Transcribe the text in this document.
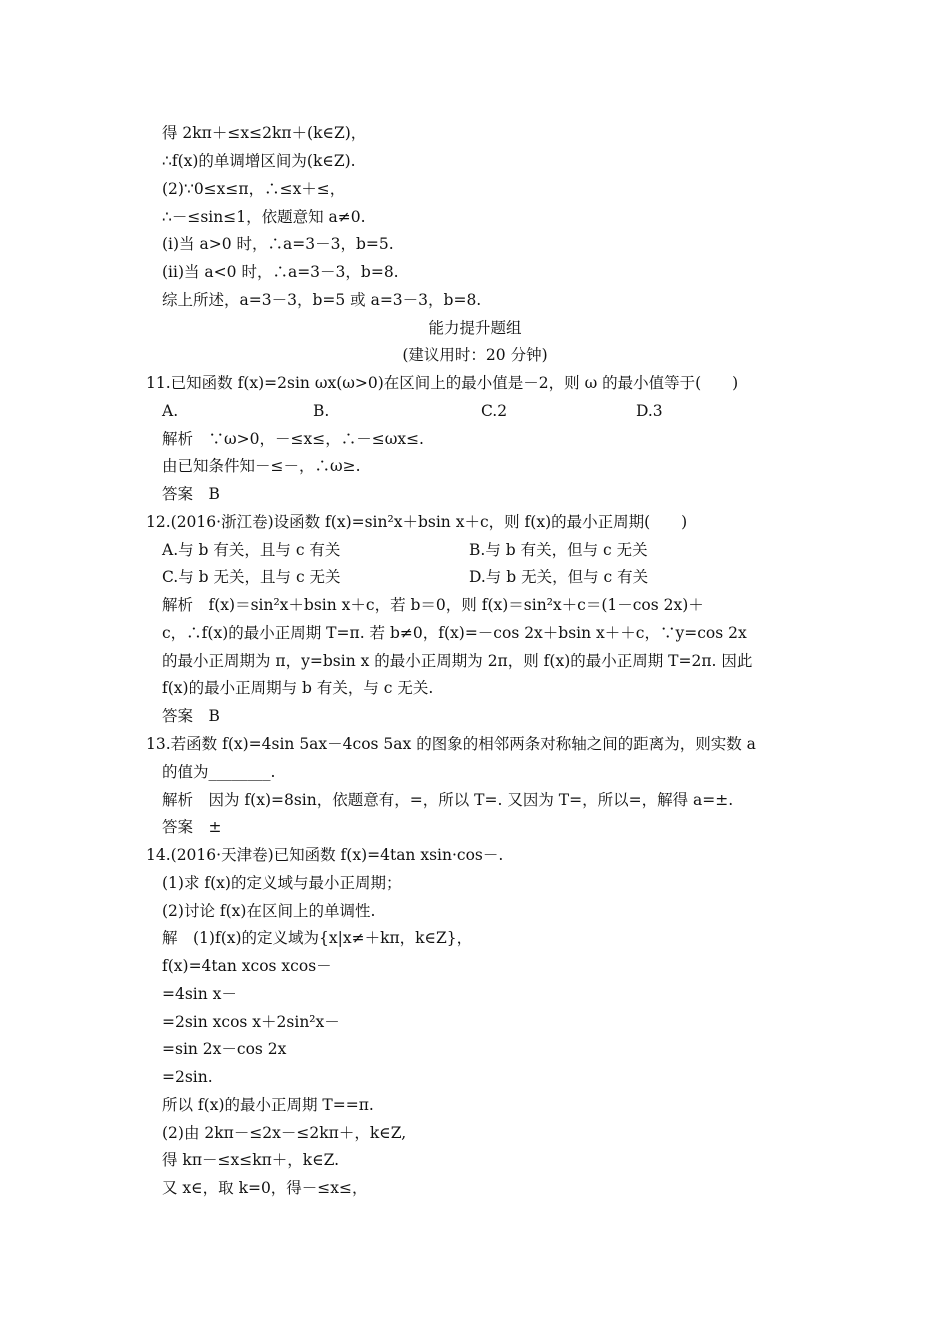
得 2kπ＋≤x≤2kπ＋(k∈Z)，
∴f(x)的单调增区间为(k∈Z).
(2)∵0≤x≤π，∴≤x＋≤，
∴－≤sin≤1，依题意知 a≠0.
(ⅰ)当 a>0 时，∴a=3－3，b=5.
(ⅱ)当 a<0 时，∴a=3－3，b=8.
综上所述，a=3－3，b=5 或 a=3－3，b=8.
能力提升题组
(建议用时：20 分钟)
11.已知函数 f(x)=2sin ωx(ω>0)在区间上的最小值是－2，则 ω 的最小值等于(　　)
A.	B.	C.2	D.3
解析　∵ω>0，－≤x≤，∴－≤ωx≤.
由已知条件知－≤－，∴ω≥.
答案　B
12.(2016·浙江卷)设函数 f(x)=sin²x＋bsin x＋c，则 f(x)的最小正周期(　　)
A.与 b 有关，且与 c 有关	B.与 b 有关，但与 c 无关
C.与 b 无关，且与 c 无关	D.与 b 无关，但与 c 有关
解析　f(x)＝sin²x＋bsin x＋c，若 b＝0，则 f(x)＝sin²x＋c＝(1－cos 2x)＋
c，∴f(x)的最小正周期 T=π. 若 b≠0，f(x)=－cos 2x＋bsin x＋＋c，∵y=cos 2x
的最小正周期为 π，y=bsin x 的最小正周期为 2π，则 f(x)的最小正周期 T=2π. 因此
f(x)的最小正周期与 b 有关，与 c 无关.
答案　B
13.若函数 f(x)=4sin 5ax－4cos 5ax 的图象的相邻两条对称轴之间的距离为，则实数 a
的值为________.
解析　因为 f(x)=8sin，依题意有，=，所以 T=. 又因为 T=，所以=，解得 a=±.
答案　±
14.(2016·天津卷)已知函数 f(x)=4tan xsin·cos－.
(1)求 f(x)的定义域与最小正周期；
(2)讨论 f(x)在区间上的单调性.
解　(1)f(x)的定义域为{x|x≠＋kπ，k∈Z}，
f(x)=4tan xcos xcos－
=4sin x－
=2sin xcos x＋2sin²x－
=sin 2x－cos 2x
=2sin.
所以 f(x)的最小正周期 T==π.
(2)由 2kπ－≤2x－≤2kπ＋，k∈Z,
得 kπ－≤x≤kπ＋，k∈Z.
又 x∈，取 k=0，得－≤x≤，
